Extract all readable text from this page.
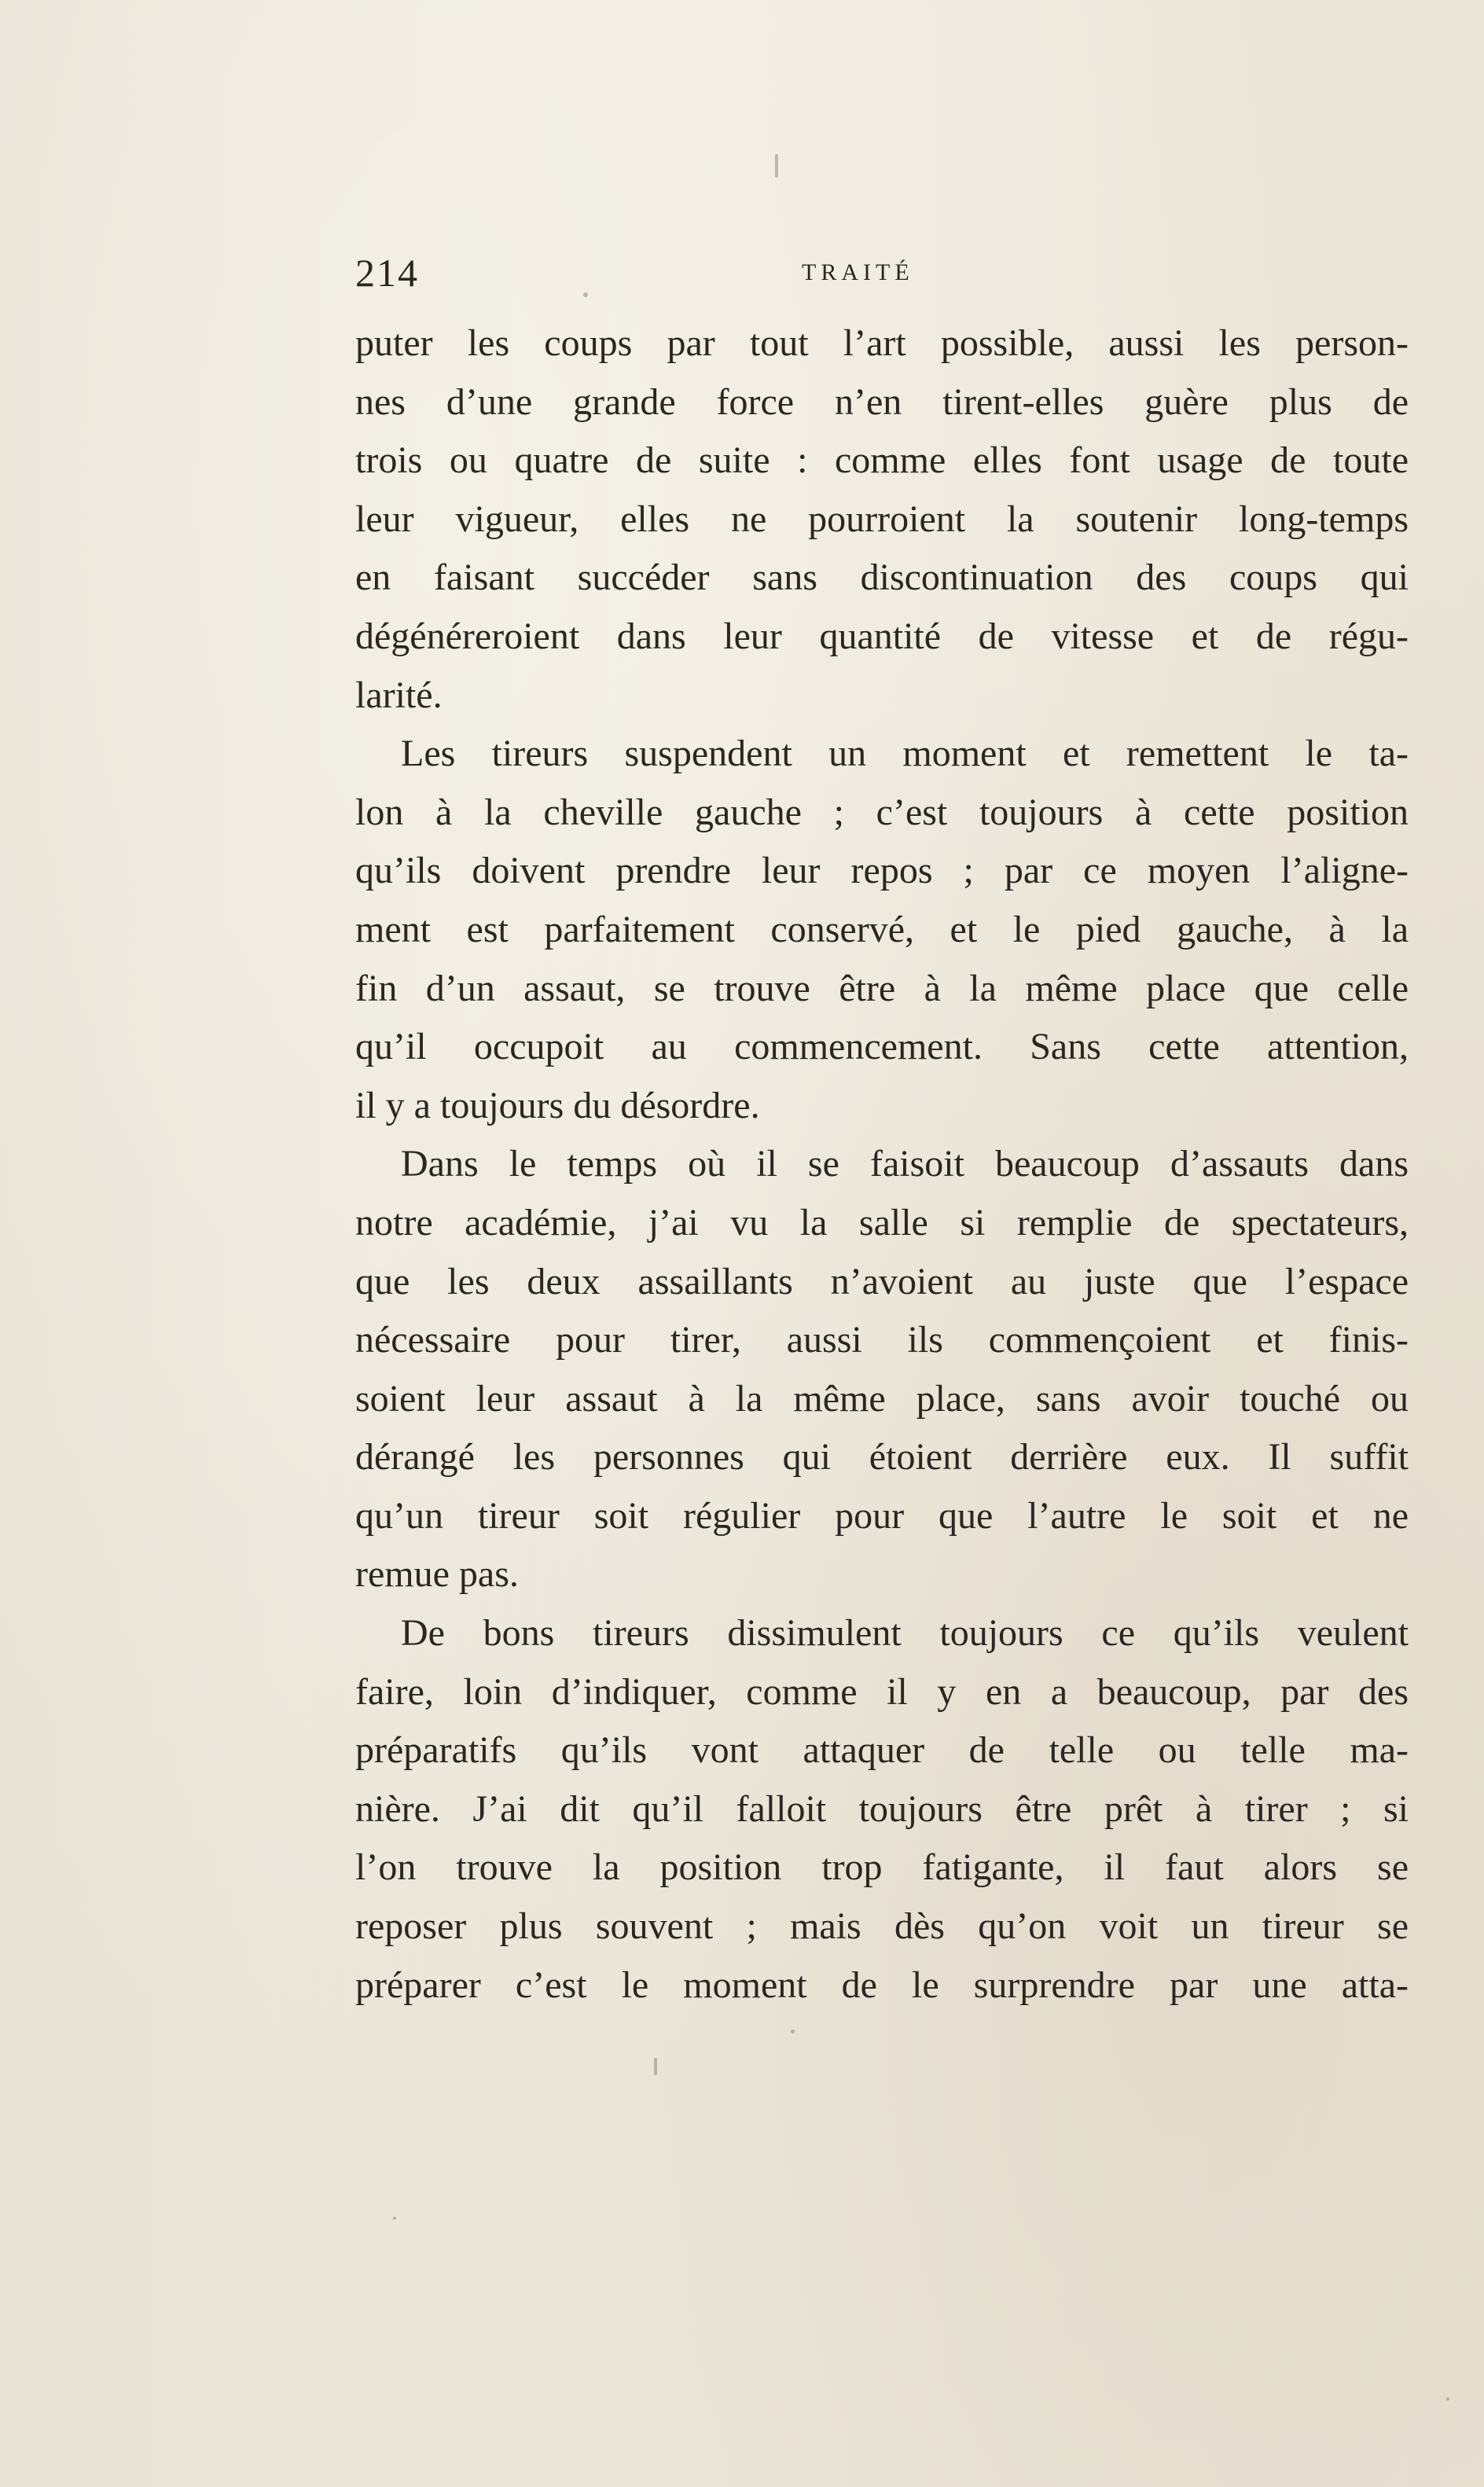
214	TRAITÉ
puter les coups par tout l’art possible, aussi les person-
nes d’une grande force n’en tirent-elles guère plus de
trois ou quatre de suite : comme elles font usage de toute
leur vigueur, elles ne pourroient la soutenir long-temps
en faisant succéder sans discontinuation des coups qui
dégénéreroient dans leur quantité de vitesse et de régu-
larité.
Les tireurs suspendent un moment et remettent le ta-
lon à la cheville gauche ; c’est toujours à cette position
qu’ils doivent prendre leur repos ; par ce moyen l’aligne-
ment est parfaitement conservé, et le pied gauche, à la
fin d’un assaut, se trouve être à la même place que celle
qu’il occupoit au commencement. Sans cette attention,
il y a toujours du désordre.
Dans le temps où il se faisoit beaucoup d’assauts dans
notre académie, j’ai vu la salle si remplie de spectateurs,
que les deux assaillants n’avoient au juste que l’espace
nécessaire pour tirer, aussi ils commençoient et finis-
soient leur assaut à la même place, sans avoir touché ou
dérangé les personnes qui étoient derrière eux. Il suffit
qu’un tireur soit régulier pour que l’autre le soit et ne
remue pas.
De bons tireurs dissimulent toujours ce qu’ils veulent
faire, loin d’indiquer, comme il y en a beaucoup, par des
préparatifs qu’ils vont attaquer de telle ou telle ma-
nière. J’ai dit qu’il falloit toujours être prêt à tirer ; si
l’on trouve la position trop fatigante, il faut alors se
reposer plus souvent ; mais dès qu’on voit un tireur se
préparer c’est le moment de le surprendre par une atta-
